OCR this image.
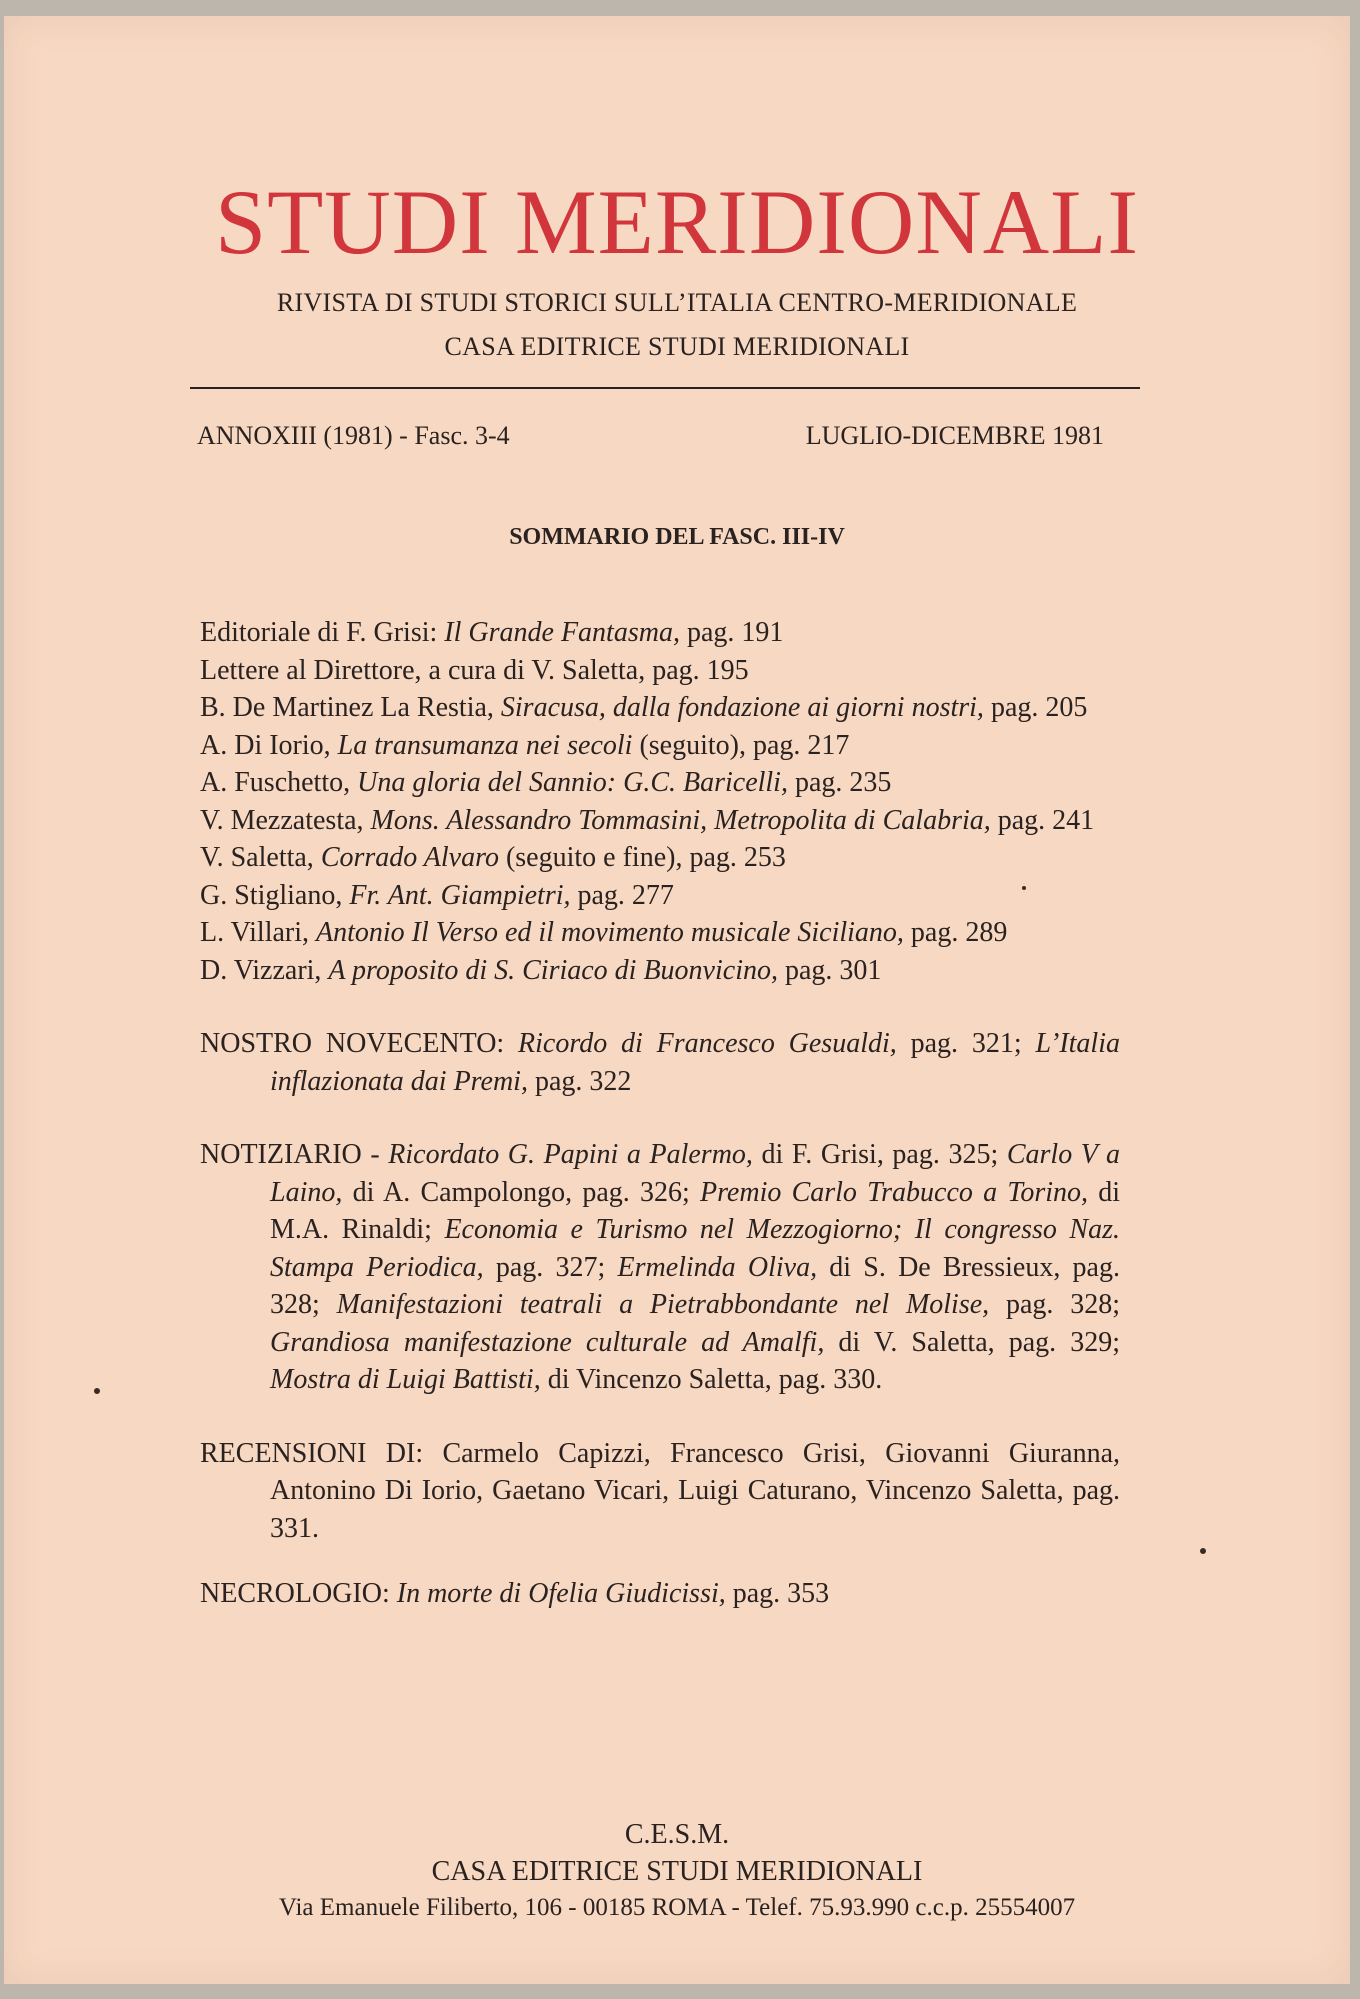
STUDI MERIDIONALI
RIVISTA DI STUDI STORICI SULL’ITALIA CENTRO-MERIDIONALE
CASA EDITRICE STUDI MERIDIONALI
ANNOXIII (1981) - Fasc. 3-4	LUGLIO-DICEMBRE 1981
SOMMARIO DEL FASC. III-IV
Editoriale di F. Grisi: Il Grande Fantasma, pag. 191
Lettere al Direttore, a cura di V. Saletta, pag. 195
B. De Martinez La Restia, Siracusa, dalla fondazione ai giorni nostri, pag. 205
A. Di Iorio, La transumanza nei secoli (seguito), pag. 217
A. Fuschetto, Una gloria del Sannio: G.C. Baricelli, pag. 235
V. Mezzatesta, Mons. Alessandro Tommasini, Metropolita di Calabria, pag. 241
V. Saletta, Corrado Alvaro (seguito e fine), pag. 253
G. Stigliano, Fr. Ant. Giampietri, pag. 277
L. Villari, Antonio Il Verso ed il movimento musicale Siciliano, pag. 289
D. Vizzari, A proposito di S. Ciriaco di Buonvicino, pag. 301
NOSTRO NOVECENTO: Ricordo di Francesco Gesualdi, pag. 321; L’Italia inflazionata dai Premi, pag. 322
NOTIZIARIO - Ricordato G. Papini a Palermo, di F. Grisi, pag. 325; Carlo V a Laino, di A. Campolongo, pag. 326; Premio Carlo Trabucco a Torino, di M.A. Rinaldi; Economia e Turismo nel Mezzogiorno; Il congresso Naz. Stampa Periodica, pag. 327; Ermelinda Oliva, di S. De Bressieux, pag. 328; Manifestazioni teatrali a Pietrabbondante nel Molise, pag. 328; Grandiosa manifestazione culturale ad Amalfi, di V. Saletta, pag. 329; Mostra di Luigi Battisti, di Vincenzo Saletta, pag. 330.
RECENSIONI DI: Carmelo Capizzi, Francesco Grisi, Giovanni Giuranna, Antonino Di Iorio, Gaetano Vicari, Luigi Caturano, Vincenzo Saletta, pag. 331.
NECROLOGIO: In morte di Ofelia Giudicissi, pag. 353
C.E.S.M.
CASA EDITRICE STUDI MERIDIONALI
Via Emanuele Filiberto, 106 - 00185 ROMA - Telef. 75.93.990 c.c.p. 25554007
